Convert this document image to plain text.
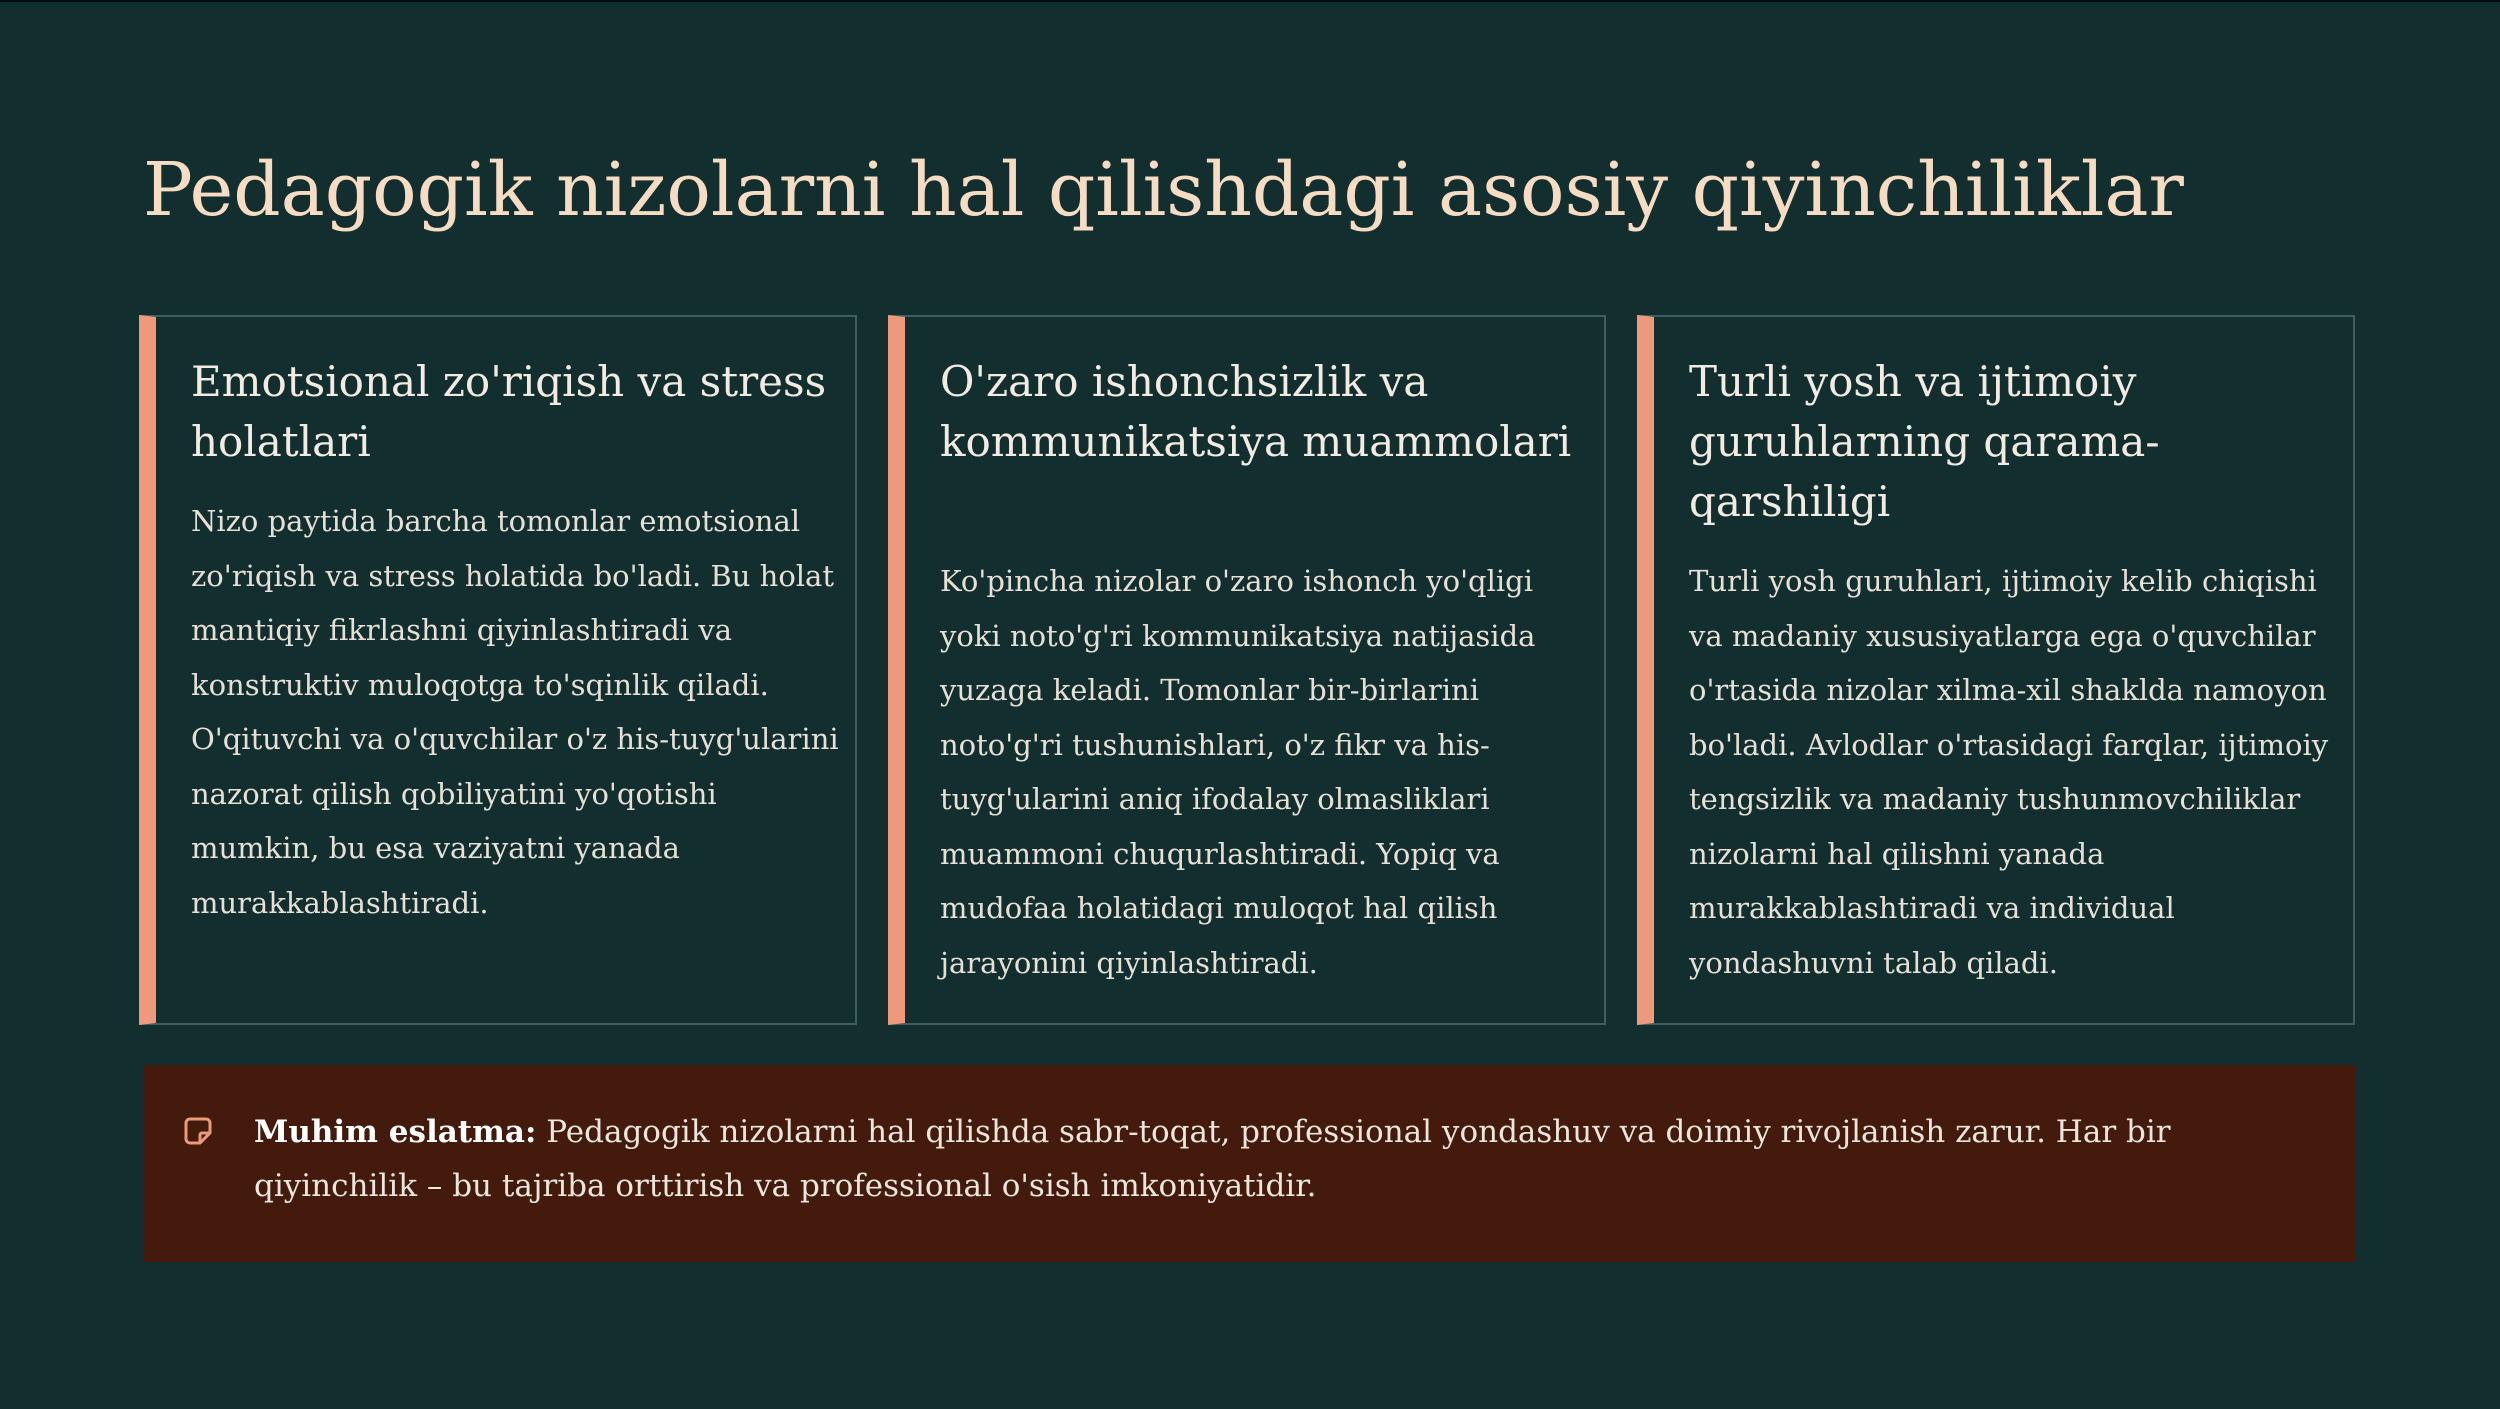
Pedagogik nizolarni hal qilishdagi asosiy qiyinchiliklar
Emotsional zo'riqish va stress holatlari

Nizo paytida barcha tomonlar emotsional zo'riqish va stress holatida bo'ladi. Bu holat mantiqiy fikrlashni qiyinlashtiradi va konstruktiv muloqotga to'sqinlik qiladi. O'qituvchi va o'quvchilar o'z his-tuyg'ularini nazorat qilish qobiliyatini yo'qotishi mumkin, bu esa vaziyatni yanada murakkablashtiradi.

O'zaro ishonchsizlik va kommunikatsiya muammolari

Ko'pincha nizolar o'zaro ishonch yo'qligi yoki noto'g'ri kommunikatsiya natijasida yuzaga keladi. Tomonlar bir-birlarini noto'g'ri tushunishlari, o'z fikr va his-tuyg'ularini aniq ifodalay olmasliklari muammoni chuqurlashtiradi. Yopiq va mudofaa holatidagi muloqot hal qilish jarayonini qiyinlashtiradi.

Turli yosh va ijtimoiy guruhlarning qarama-qarshiligi

Turli yosh guruhlari, ijtimoiy kelib chiqishi va madaniy xususiyatlarga ega o'quvchilar o'rtasida nizolar xilma-xil shaklda namoyon bo'ladi. Avlodlar o'rtasidagi farqlar, ijtimoiy tengsizlik va madaniy tushunmovchiliklar nizolarni hal qilishni yanada murakkablashtiradi va individual yondashuvni talab qiladi.

Muhim eslatma: Pedagogik nizolarni hal qilishda sabr-toqat, professional yondashuv va doimiy rivojlanish zarur. Har bir qiyinchilik – bu tajriba orttirish va professional o'sish imkoniyatidir.
